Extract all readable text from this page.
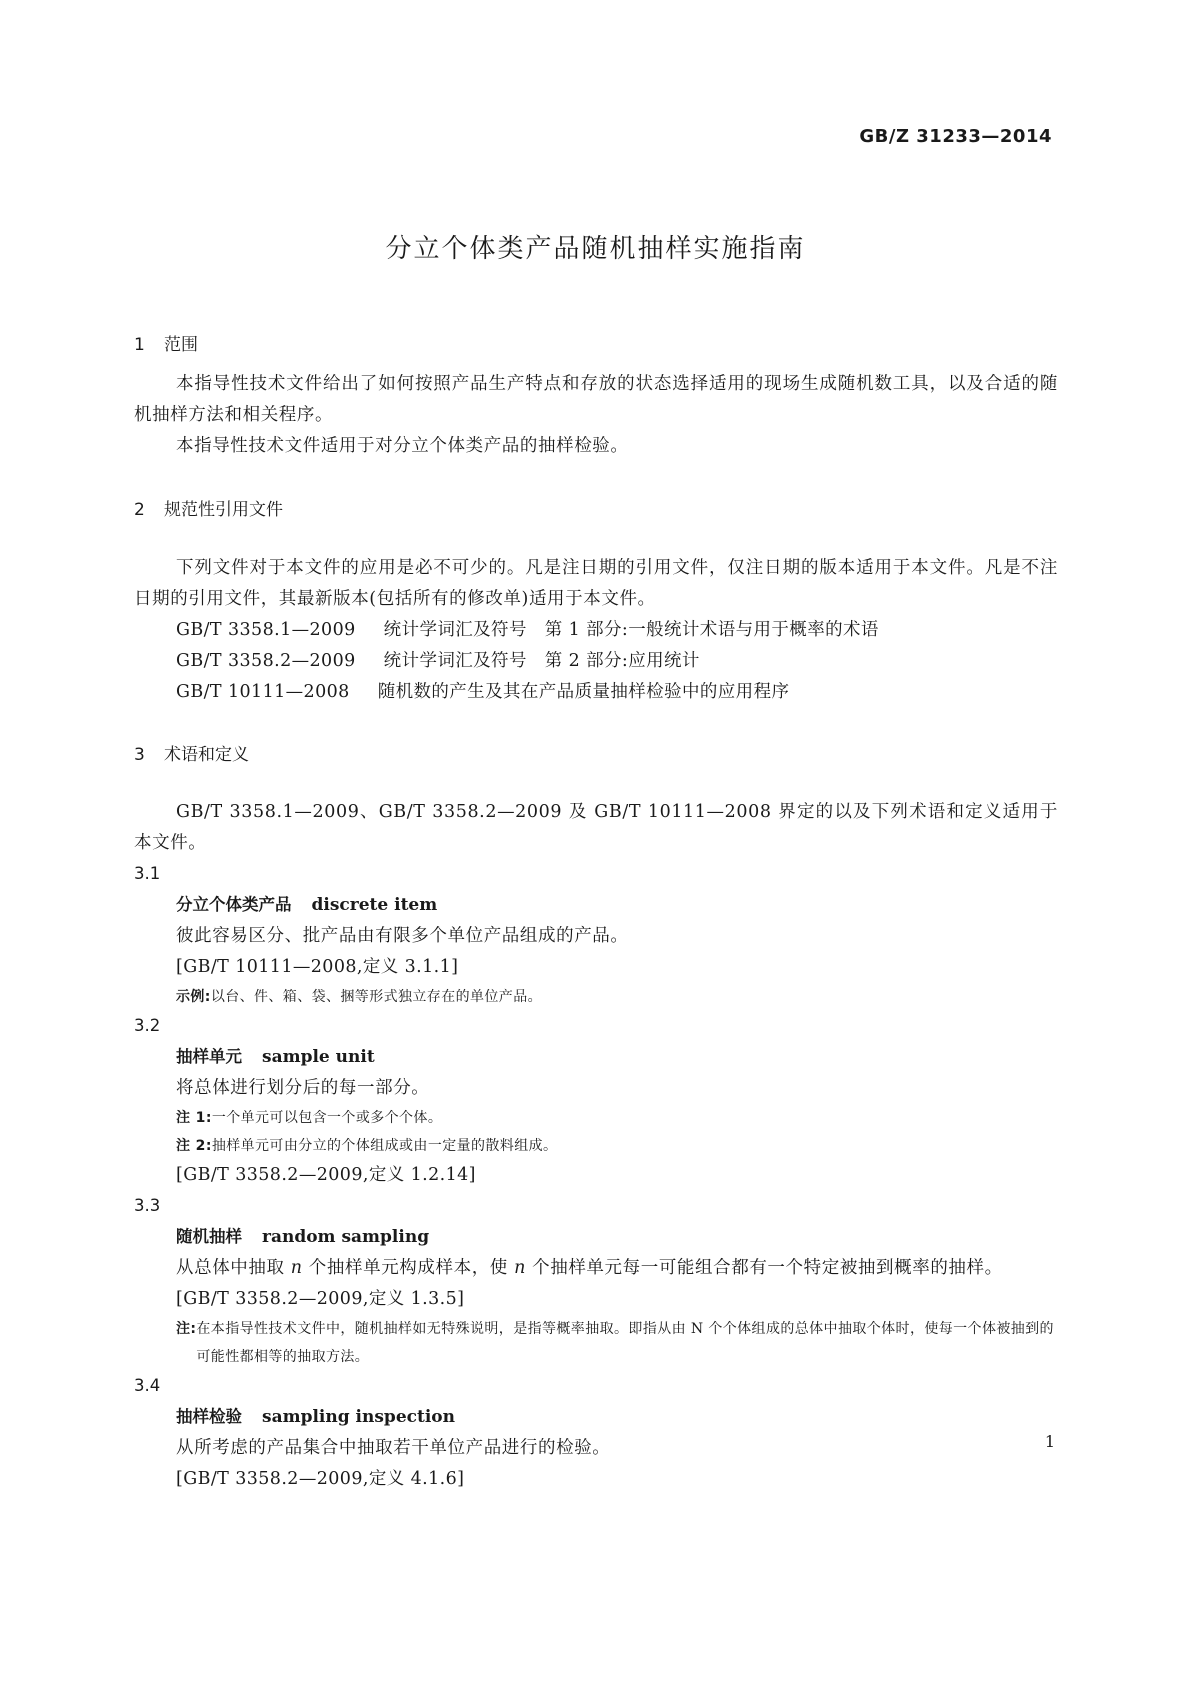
GB/Z 31233—2014
分立个体类产品随机抽样实施指南

1 范围

本指导性技术文件给出了如何按照产品生产特点和存放的状态选择适用的现场生成随机数工具，以及合适的随机抽样方法和相关程序。

本指导性技术文件适用于对分立个体类产品的抽样检验。

2 规范性引用文件

下列文件对于本文件的应用是必不可少的。凡是注日期的引用文件，仅注日期的版本适用于本文件。凡是不注日期的引用文件，其最新版本(包括所有的修改单)适用于本文件。

GB/T 3358.1—2009 统计学词汇及符号　第 1 部分:一般统计术语与用于概率的术语

GB/T 3358.2—2009 统计学词汇及符号　第 2 部分:应用统计

GB/T 10111—2008 随机数的产生及其在产品质量抽样检验中的应用程序

3 术语和定义

GB/T 3358.1—2009、GB/T 3358.2—2009 及 GB/T 10111—2008 界定的以及下列术语和定义适用于本文件。

3.1

分立个体类产品 discrete item

彼此容易区分、批产品由有限多个单位产品组成的产品。

[GB/T 10111—2008,定义 3.1.1]

示例:以台、件、箱、袋、捆等形式独立存在的单位产品。

3.2

抽样单元 sample unit

将总体进行划分后的每一部分。

注 1:一个单元可以包含一个或多个个体。

注 2:抽样单元可由分立的个体组成或由一定量的散料组成。

[GB/T 3358.2—2009,定义 1.2.14]

3.3

随机抽样 random sampling

从总体中抽取 n 个抽样单元构成样本，使 n 个抽样单元每一可能组合都有一个特定被抽到概率的抽样。

[GB/T 3358.2—2009,定义 1.3.5]

注: 在本指导性技术文件中，随机抽样如无特殊说明，是指等概率抽取。即指从由 N 个个体组成的总体中抽取个体时，使每一个体被抽到的可能性都相等的抽取方法。

3.4

抽样检验 sampling inspection

从所考虑的产品集合中抽取若干单位产品进行的检验。

[GB/T 3358.2—2009,定义 4.1.6]

1
